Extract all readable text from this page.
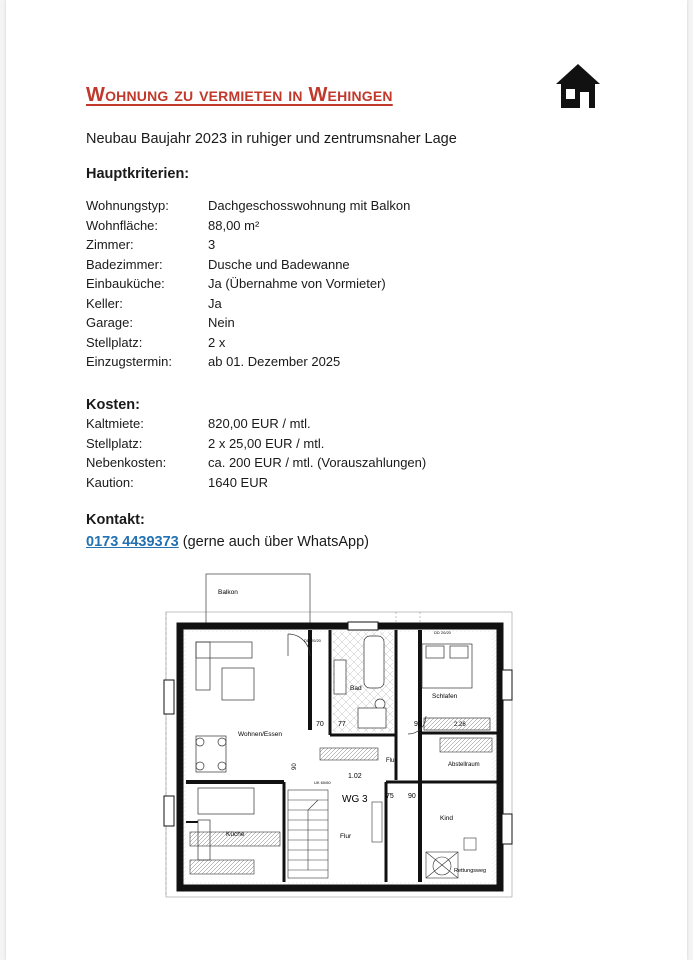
Wohnung zu vermieten in Wehingen
Neubau Baujahr 2023 in ruhiger und zentrumsnaher Lage
Hauptkriterien:
Wohnungstyp:	Dachgeschosswohnung mit Balkon
Wohnfläche:	88,00 m²
Zimmer:	3
Badezimmer:	Dusche und Badewanne
Einbauküche:	Ja (Übernahme von Vormieter)
Keller:	Ja
Garage:	Nein
Stellplatz:	2 x
Einzugstermin:	ab 01. Dezember 2025
Kosten:
Kaltmiete:	820,00 EUR / mtl.
Stellplatz:	2 x 25,00 EUR / mtl.
Nebenkosten:	ca. 200 EUR / mtl. (Vorauszahlungen)
Kaution:	1640 EUR
Kontakt:
0173 4439373 (gerne auch über WhatsApp)
Balkon
Wohnen/Essen
DD 20/20
Bad
70 77
Schlafen
2.26
90
DD 20/20
Abstellraum
Flur
1.02
UK 60/60
WG 3	75 90
90
Küche	Flur
Kind
Rettungsweg
